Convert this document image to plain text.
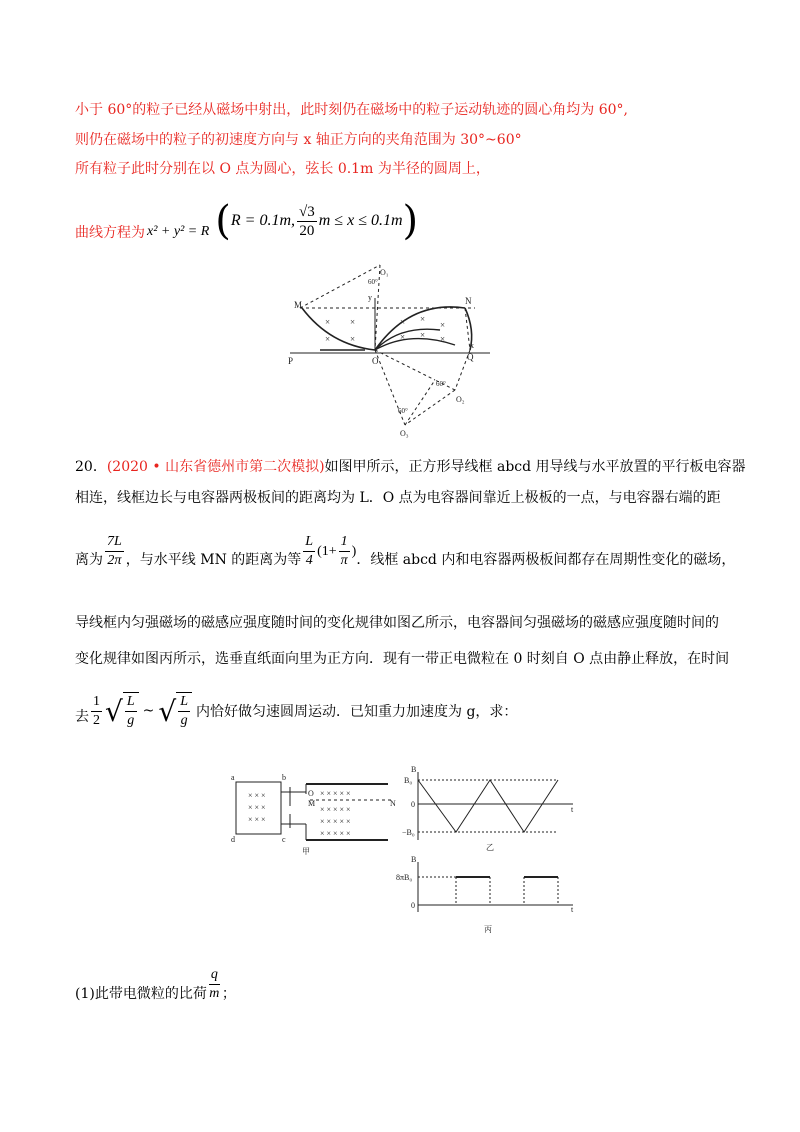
小于 60°的粒子已经从磁场中射出，此时刻仍在磁场中的粒子运动轨迹的圆心角均为 60°,
则仍在磁场中的粒子的初速度方向与 x 轴正方向的夹角范围为 30°~60°
所有粒子此时分别在以 O 点为圆心，弦长 0.1m 为半径的圆周上，
曲线方程为 x² + y² = R ( R = 0.1m, $\frac{√3}{20}$ m ≤ x ≤ 0.1m )
× ×
× ×
× ×
×
× ×
×
O₁
60°
y
M	N
P	O	Q
O₂
60°
60°
O₃
x
20．(2020 • 山东省德州市第二次模拟)如图甲所示，正方形导线框 abcd 用导线与水平放置的平行板电容器
相连，线框边长与电容器两极板间的距离均为 L．O 点为电容器间靠近上极板的一点，与电容器右端的距
离为 $\frac{7L}{2\pi}$ ，与水平线 MN 的距离为等 $\frac{L}{4} (1+ \frac{1}{\pi}$ )
．线框 abcd 内和电容器两极板间都存在周期性变化的磁场，
导线框内匀强磁场的磁感应强度随时间的变化规律如图乙所示，电容器间匀强磁场的磁感应强度随时间的
变化规律如图丙所示，选垂直纸面向里为正方向．现有一带正电微粒在 0 时刻自 O 点由静止释放，在时间
去 $\frac{1}{2}$ √ $\frac{L}{g}$ ~ √ $\frac{L}{g}$ 内恰好做匀速圆周运动．已知重力加速度为 g，求：
× × ×
× × ×
× × ×
× × × × ×
× × × × ×
× × × × ×
× × × × ×
a	b
c
d
O
M	N
甲
B
B₀
0
−B₀
t
乙
B
8πB₀
0	t
丙
(1)此带电微粒的比荷 $\frac{q}{m}$ ；
